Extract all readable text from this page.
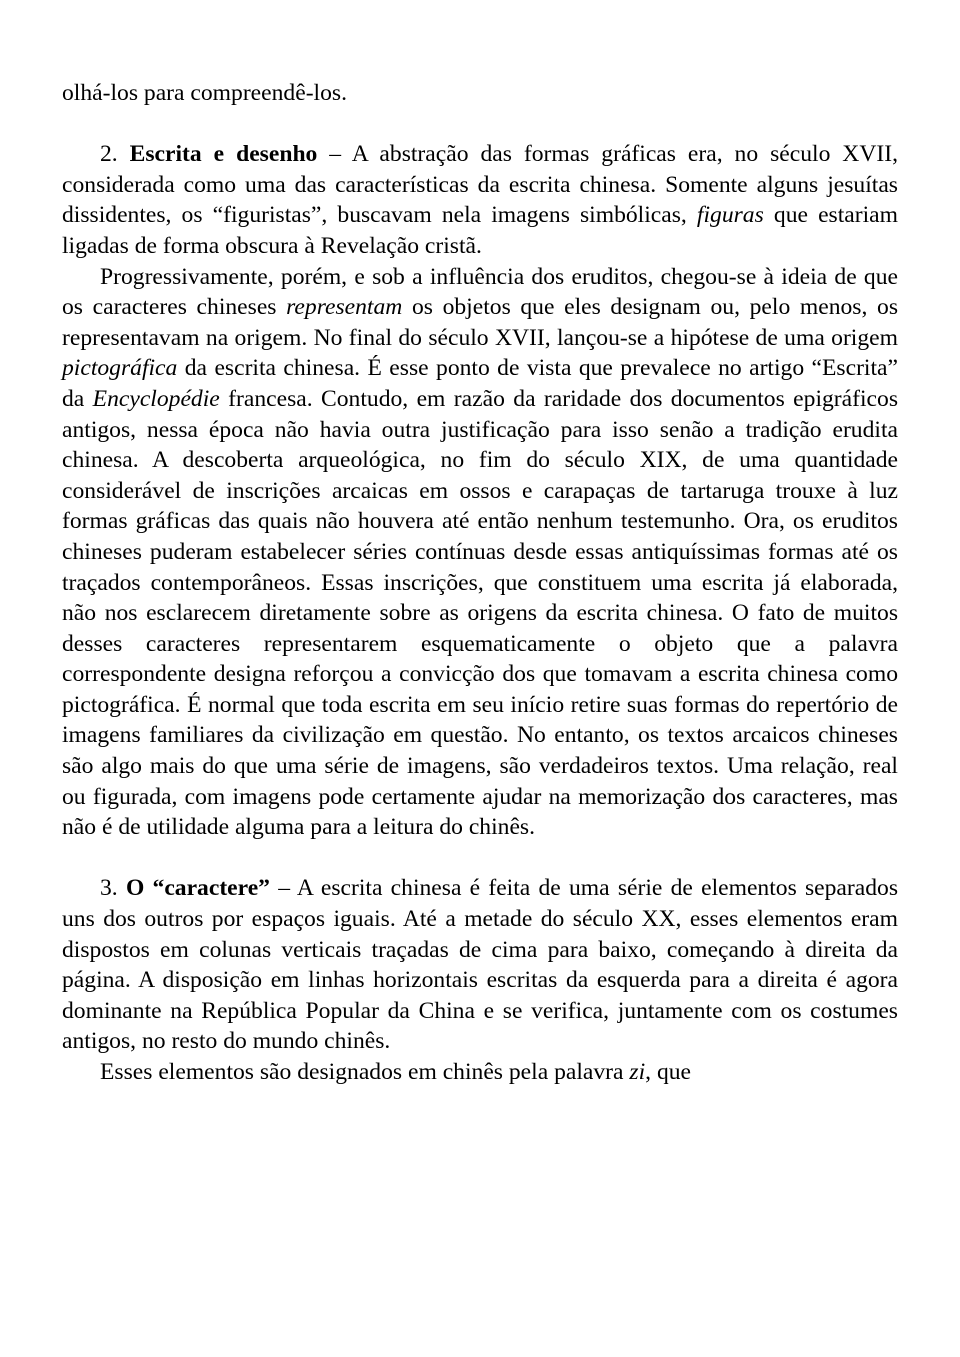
olhá-los para compreendê-los.

2. Escrita e desenho – A abstração das formas gráficas era, no século XVII, considerada como uma das características da escrita chinesa. Somente alguns jesuítas dissidentes, os “figuristas”, buscavam nela imagens simbólicas, figuras que estariam ligadas de forma obscura à Revelação cristã.

Progressivamente, porém, e sob a influência dos eruditos, chegou-se à ideia de que os caracteres chineses representam os objetos que eles designam ou, pelo menos, os representavam na origem. No final do século XVII, lançou-se a hipótese de uma origem pictográfica da escrita chinesa. É esse ponto de vista que prevalece no artigo “Escrita” da Encyclopédie francesa. Contudo, em razão da raridade dos documentos epigráficos antigos, nessa época não havia outra justificação para isso senão a tradição erudita chinesa. A descoberta arqueológica, no fim do século XIX, de uma quantidade considerável de inscrições arcaicas em ossos e carapaças de tartaruga trouxe à luz formas gráficas das quais não houvera até então nenhum testemunho. Ora, os eruditos chineses puderam estabelecer séries contínuas desde essas antiquíssimas formas até os traçados contemporâneos. Essas inscrições, que constituem uma escrita já elaborada, não nos esclarecem diretamente sobre as origens da escrita chinesa. O fato de muitos desses caracteres representarem esquematicamente o objeto que a palavra correspondente designa reforçou a convicção dos que tomavam a escrita chinesa como pictográfica. É normal que toda escrita em seu início retire suas formas do repertório de imagens familiares da civilização em questão. No entanto, os textos arcaicos chineses são algo mais do que uma série de imagens, são verdadeiros textos. Uma relação, real ou figurada, com imagens pode certamente ajudar na memorização dos caracteres, mas não é de utilidade alguma para a leitura do chinês.

3. O “caractere” – A escrita chinesa é feita de uma série de elementos separados uns dos outros por espaços iguais. Até a metade do século XX, esses elementos eram dispostos em colunas verticais traçadas de cima para baixo, começando à direita da página. A disposição em linhas horizontais escritas da esquerda para a direita é agora dominante na República Popular da China e se verifica, juntamente com os costumes antigos, no resto do mundo chinês.

Esses elementos são designados em chinês pela palavra zi, que
